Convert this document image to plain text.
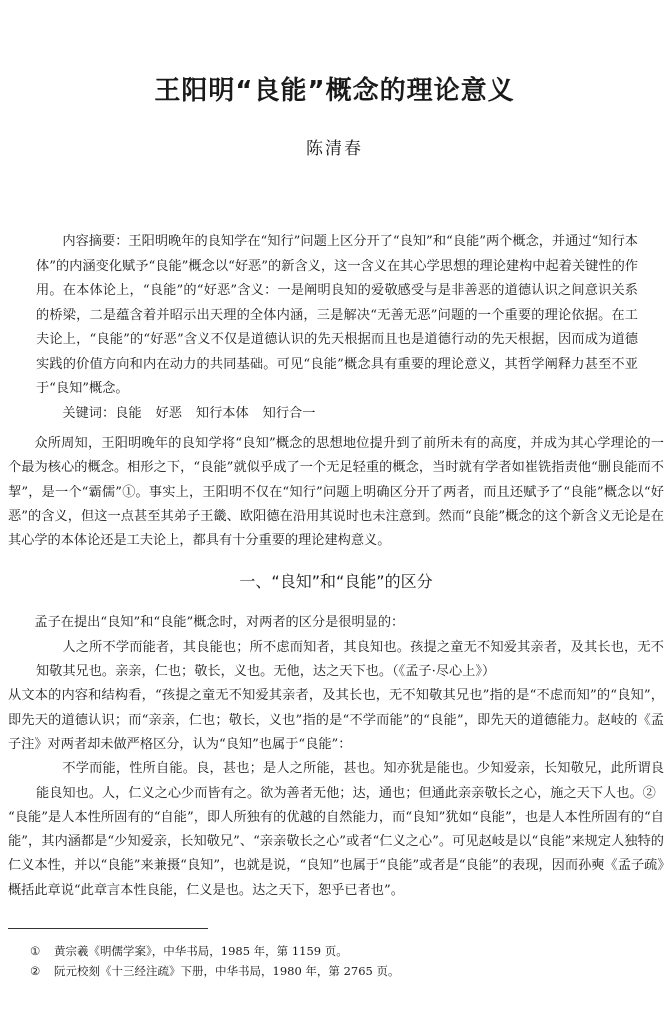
王阳明“良能”概念的理论意义
陈清春

内容摘要：王阳明晚年的良知学在“知行”问题上区分开了“良知”和“良能”两个概念，并通过“知行本体”的内涵变化赋予“良能”概念以“好恶”的新含义，这一含义在其心学思想的理论建构中起着关键性的作用。在本体论上，“良能”的“好恶”含义：一是阐明良知的爱敬感受与是非善恶的道德认识之间意识关系的桥梁，二是蕴含着并昭示出天理的全体内涵，三是解决“无善无恶”问题的一个重要的理论依据。在工夫论上，“良能”的“好恶”含义不仅是道德认识的先天根据而且也是道德行动的先天根据，因而成为道德实践的价值方向和内在动力的共同基础。可见“良能”概念具有重要的理论意义，其哲学阐释力甚至不亚于“良知”概念。

关键词：良能 好恶 知行本体 知行合一

众所周知，王阳明晚年的良知学将“良知”概念的思想地位提升到了前所未有的高度，并成为其心学理论的一个最为核心的概念。相形之下，“良能”就似乎成了一个无足轻重的概念，当时就有学者如崔铣指责他“删良能而不挈”，是一个“霸儒”①。事实上，王阳明不仅在“知行”问题上明确区分开了两者，而且还赋予了“良能”概念以“好恶”的含义，但这一点甚至其弟子王畿、欧阳德在沿用其说时也未注意到。然而“良能”概念的这个新含义无论是在其心学的本体论还是工夫论上，都具有十分重要的理论建构意义。

一、“良知”和“良能”的区分

孟子在提出“良知”和“良能”概念时，对两者的区分是很明显的：

人之所不学而能者，其良能也；所不虑而知者，其良知也。孩提之童无不知爱其亲者，及其长也，无不知敬其兄也。亲亲，仁也；敬长，义也。无他，达之天下也。（《孟子·尽心上》）

从文本的内容和结构看，“孩提之童无不知爱其亲者，及其长也，无不知敬其兄也”指的是“不虑而知”的“良知”，即先天的道德认识；而“亲亲，仁也；敬长，义也”指的是“不学而能”的“良能”，即先天的道德能力。赵岐的《孟子注》对两者却未做严格区分，认为“良知”也属于“良能”：

不学而能，性所自能。良，甚也；是人之所能，甚也。知亦犹是能也。少知爱亲，长知敬兄，此所谓良能良知也。人，仁义之心少而皆有之。欲为善者无他；达，通也；但通此亲亲敬长之心，施之天下人也。②

“良能”是人本性所固有的“自能”，即人所独有的优越的自然能力，而“良知”犹如“良能”，也是人本性所固有的“自能”，其内涵都是“少知爱亲，长知敬兄”、“亲亲敬长之心”或者“仁义之心”。可见赵岐是以“良能”来规定人独特的仁义本性，并以“良能”来兼摄“良知”，也就是说，“良知”也属于“良能”或者是“良能”的表现，因而孙奭《孟子疏》概括此章说“此章言本性良能，仁义是也。达之天下，恕乎已者也”。

① 黄宗羲《明儒学案》，中华书局，1985 年，第 1159 页。
② 阮元校刻《十三经注疏》下册，中华书局，1980 年，第 2765 页。
